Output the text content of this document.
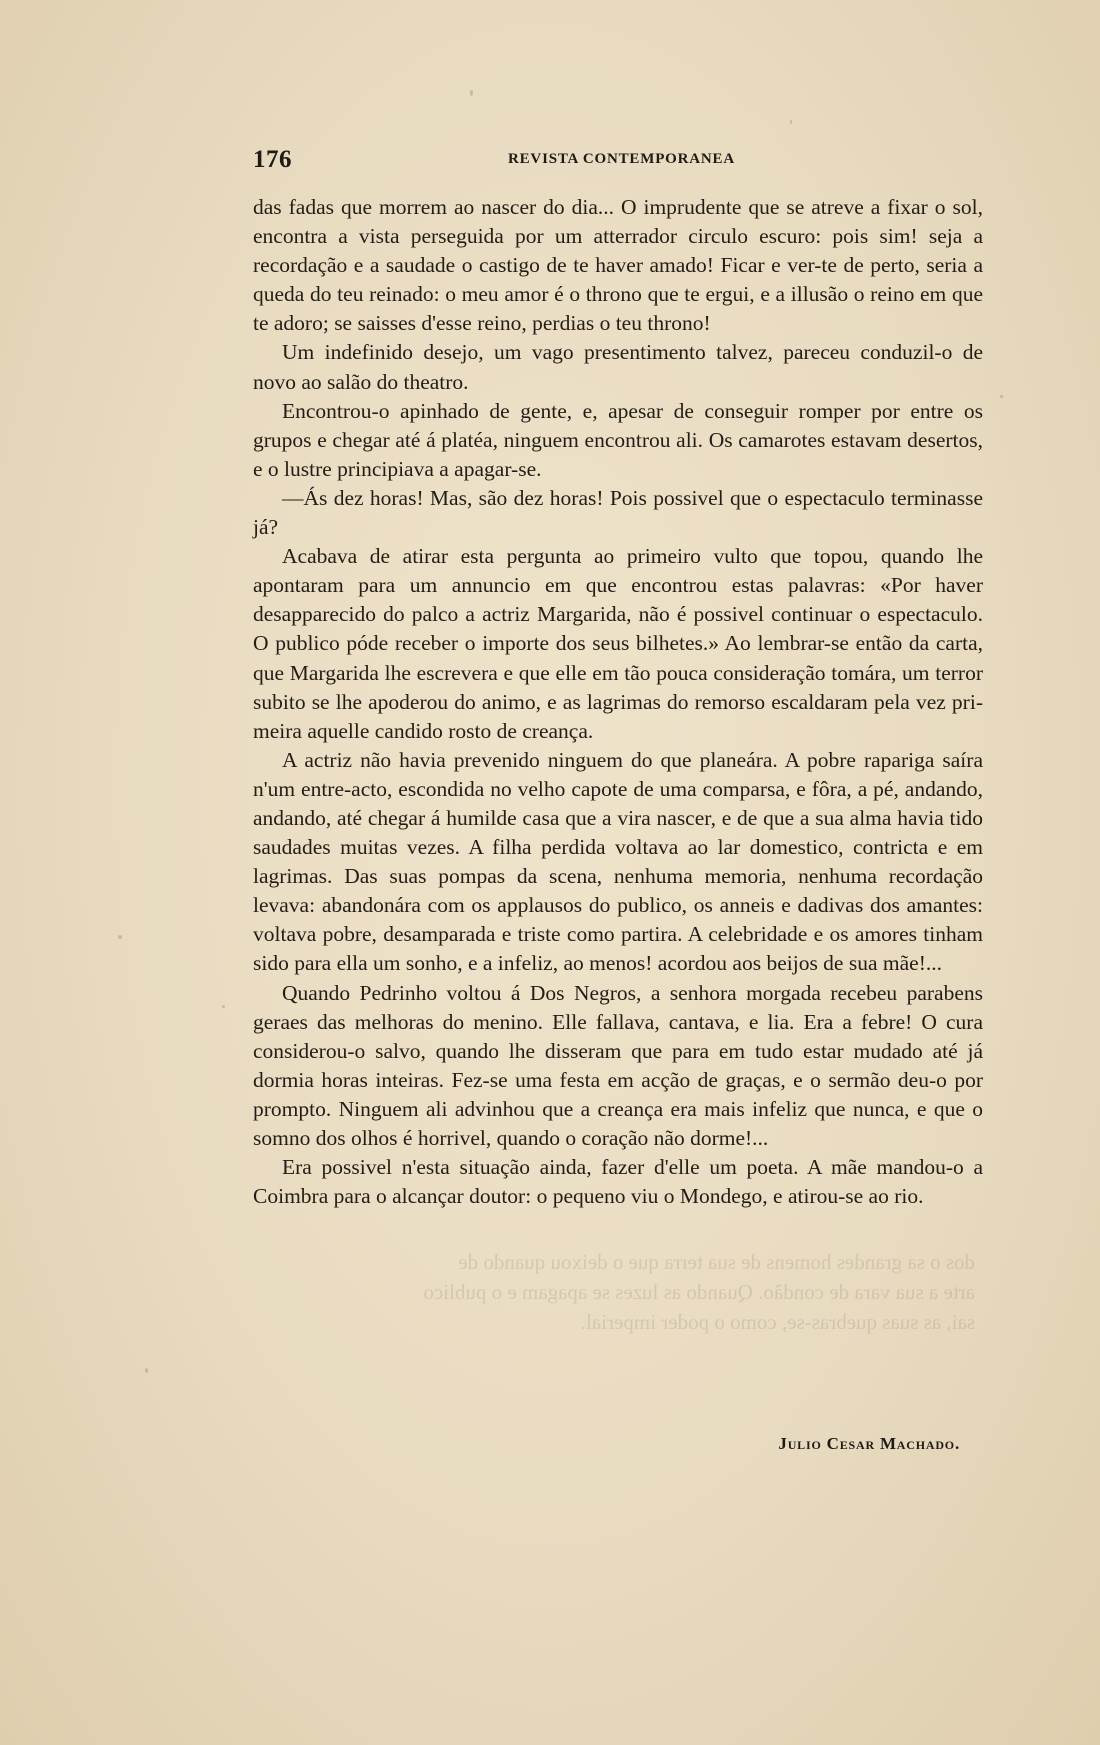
dos o sa grandes homens de sua terra que o deixou quando de
arte a sua vara de condão. Quando as luzes se apagam e o publico
sai, as suas quebras-se, como o poder imperial.
176	REVISTA CONTEMPORANEA

das fadas que morrem ao nascer do dia... O imprudente que se atreve a fixar o sol, encontra a vista perseguida por um atterrador circulo escuro: pois sim! seja a recordação e a saudade o castigo de te haver amado! Ficar e ver-te de perto, seria a queda do teu reinado: o meu amor é o throno que te ergui, e a illusão o reino em que te adoro; se saisses d'esse reino, perdias o teu throno!

Um indefinido desejo, um vago presentimento talvez, pareceu conduzil-o de novo ao salão do theatro.

Encontrou-o apinhado de gente, e, apesar de conseguir romper por entre os grupos e chegar até á platéa, ninguem encontrou ali. Os camarotes estavam desertos, e o lustre principiava a apagar-se.

—Ás dez horas! Mas, são dez horas! Pois possivel que o espectaculo terminasse já?

Acabava de atirar esta pergunta ao primeiro vulto que topou, quando lhe apontaram para um annuncio em que encontrou estas palavras: «Por haver desapparecido do palco a actriz Margarida, não é possivel continuar o espectaculo. O publico póde receber o importe dos seus bilhetes.» Ao lembrar-se então da carta, que Margarida lhe escrevera e que elle em tão pouca consideração tomára, um terror subito se lhe apoderou do animo, e as lagrimas do remorso escaldaram pela vez primeira aquelle candido rosto de creança.

A actriz não havia prevenido ninguem do que planeára. A pobre rapariga saíra n'um entre-acto, escondida no velho capote de uma comparsa, e fôra, a pé, andando, andando, até chegar á humilde casa que a vira nascer, e de que a sua alma havia tido saudades muitas vezes. A filha perdida voltava ao lar domestico, contricta e em lagrimas. Das suas pompas da scena, nenhuma memoria, nenhuma recordação levava: abandonára com os applausos do publico, os anneis e dadivas dos amantes: voltava pobre, desamparada e triste como partira. A celebridade e os amores tinham sido para ella um sonho, e a infeliz, ao menos! acordou aos beijos de sua mãe!...

Quando Pedrinho voltou á Dos Negros, a senhora morgada recebeu parabens geraes das melhoras do menino. Elle fallava, cantava, e lia. Era a febre! O cura considerou-o salvo, quando lhe disseram que para em tudo estar mudado até já dormia horas inteiras. Fez-se uma festa em acção de graças, e o sermão deu-o por prompto. Ninguem ali advinhou que a creança era mais infeliz que nunca, e que o somno dos olhos é horrivel, quando o coração não dorme!...

Era possivel n'esta situação ainda, fazer d'elle um poeta. A mãe mandou-o a Coimbra para o alcançar doutor: o pequeno viu o Mondego, e atirou-se ao rio.

Julio Cesar Machado.
